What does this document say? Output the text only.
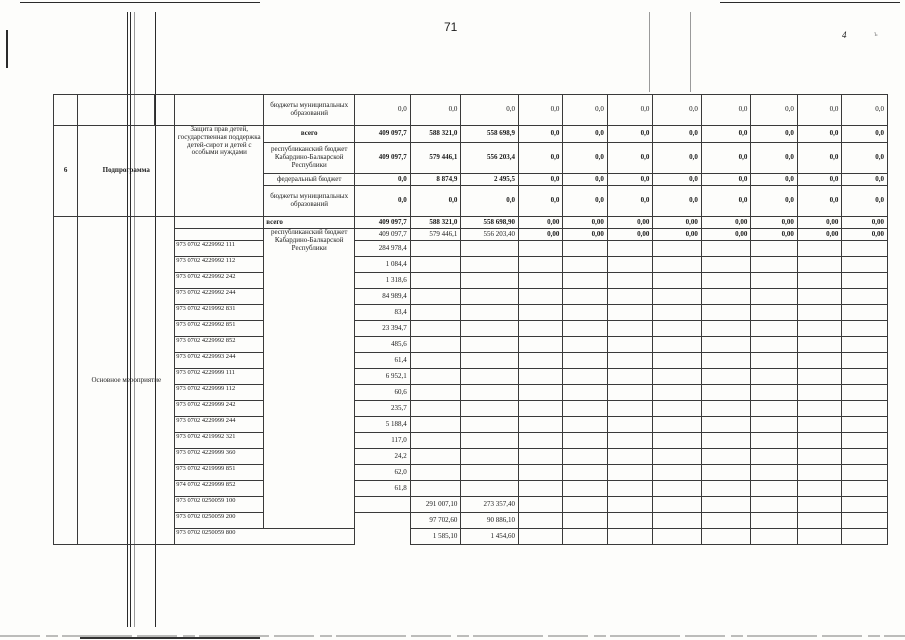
71
4	ъ
				бюджеты муниципальных образований	0,0	0,0	0,0	0,0	0,0	0,0	0,0	0,0	0,0	0,0	0,0
6	Подпрограмма		Защита прав детей, государственная поддержка детей-сирот и детей с особыми нуждами	всего	409 097,7	588 321,0	558 698,9	0,0	0,0	0,0	0,0	0,0	0,0	0,0	0,0
				республиканский бюджет Кабардино-Балкарской Республики	409 097,7	579 446,1	556 203,4	0,0	0,0	0,0	0,0	0,0	0,0	0,0	0,0
				федеральный бюджет	0,0	8 874,9	2 495,5	0,0	0,0	0,0	0,0	0,0	0,0	0,0	0,0
				бюджеты муниципальных образований	0,0	0,0	0,0	0,0	0,0	0,0	0,0	0,0	0,0	0,0	0,0
	Основное мероприятие			всего	409 097,7	588 321,0	558 698,90	0,00	0,00	0,00	0,00	0,00	0,00	0,00	0,00
				республиканский бюджет Кабардино-Балкарской Республики	409 097,7	579 446,1	556 203,40	0,00	0,00	0,00	0,00	0,00	0,00	0,00	0,00
			973 0702 4229992 111		284 978,4										
			973 0702 4229992 112		1 084,4										
			973 0702 4229992 242		1 318,6										
			973 0702 4229992 244		84 989,4										
			973 0702 4219992 831		83,4										
			973 0702 4229992 851		23 394,7										
			973 0702 4229992 852		485,6										
			973 0702 4229993 244		61,4										
			973 0702 4229999 111		6 952,1										
			973 0702 4229999 112		60,6										
			973 0702 4229999 242		235,7										
			973 0702 4229999 244		5 188,4										
			973 0702 4219992 321		117,0										
			973 0702 4229999 360		24,2										
			973 0702 4219999 851		62,0										
			974 0702 4229999 852		61,8										
			973 0702 0250059 100			291 007,10	273 357,40								
			973 0702 0250059 200			97 702,60	90 886,10								
			973 0702 0250059 800			1 585,10	1 454,60								
